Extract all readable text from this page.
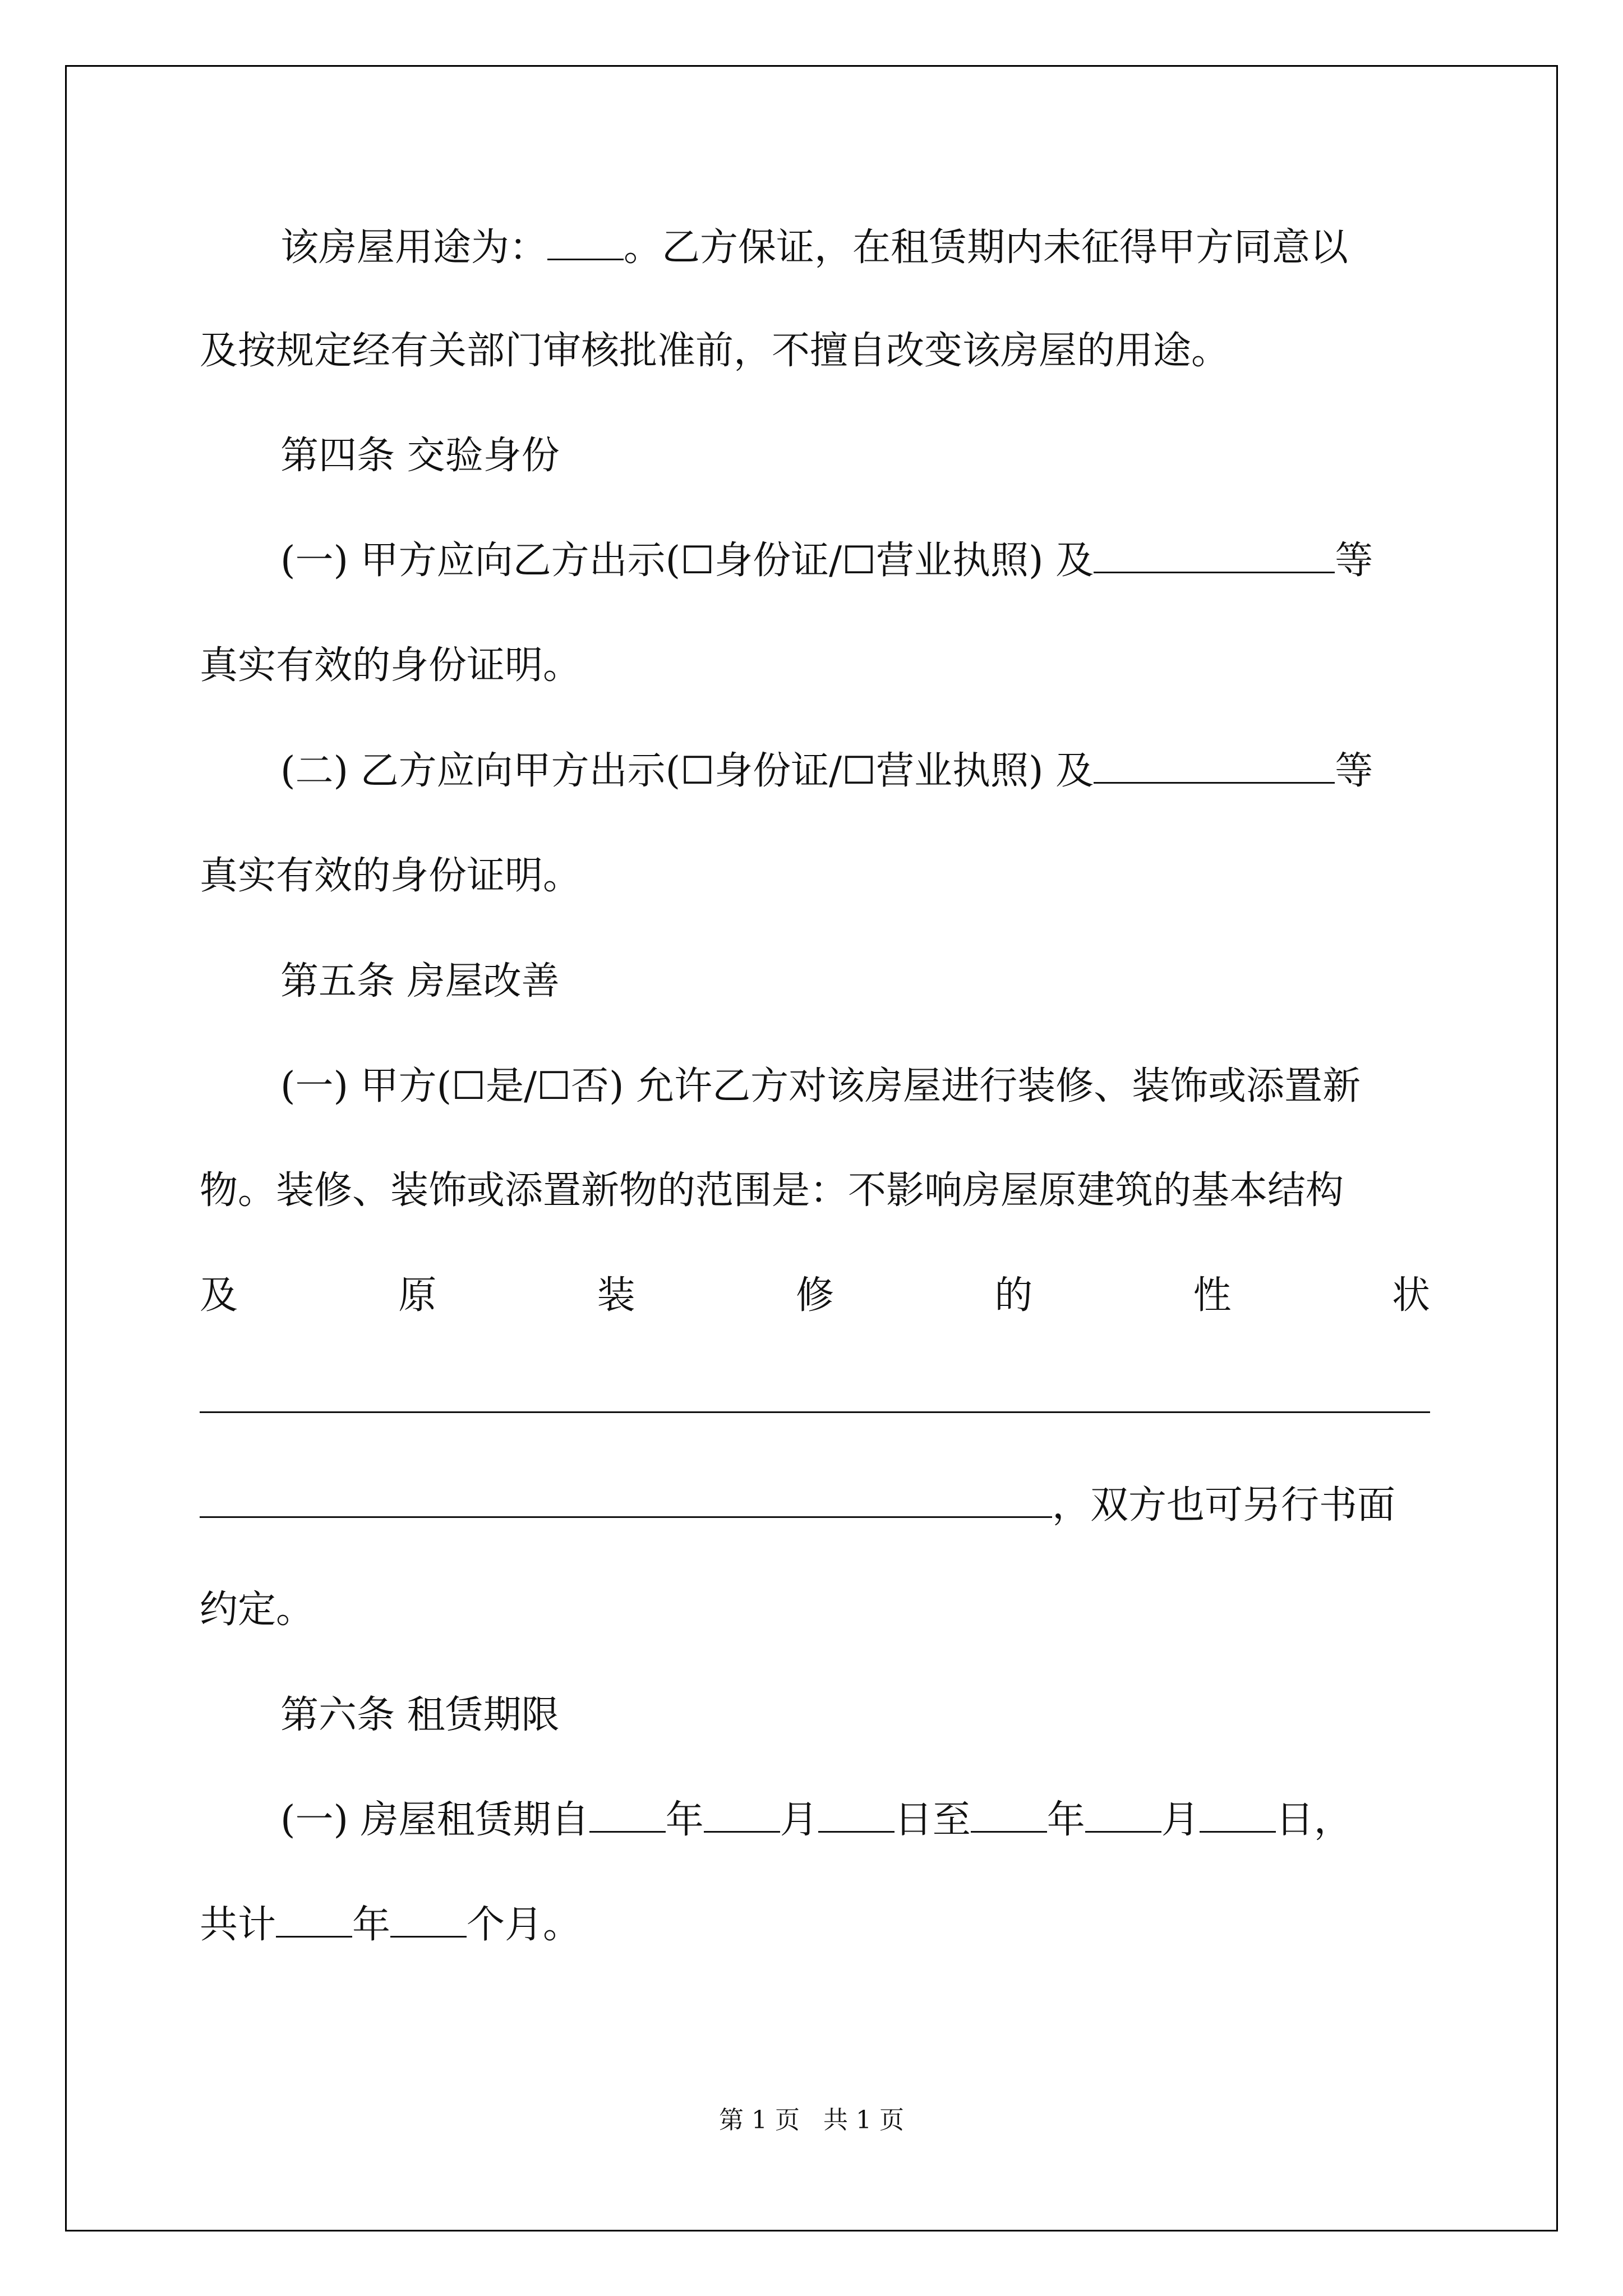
该房屋用途为： 。乙方保证，在租赁期内未征得甲方同意以
及按规定经有关部门审核批准前，不擅自改变该房屋的用途。
第四条 交验身份
(一) 甲方应向乙方出示(☐身份证/☐营业执照) 及	等
真实有效的身份证明。
(二) 乙方应向甲方出示(☐身份证/☐营业执照) 及	等
真实有效的身份证明。
第五条 房屋改善
(一) 甲方(☐是/☐否) 允许乙方对该房屋进行装修、装饰或添置新
物。装修、装饰或添置新物的范围是：不影响房屋原建筑的基本结构
及	原	装	修	的	性	状
，双方也可另行书面
约定。
第六条 租赁期限
(一) 房屋租赁期自 年 月 日至 年 月 日，
共计 年 个月。
第 1 页 共 1 页
